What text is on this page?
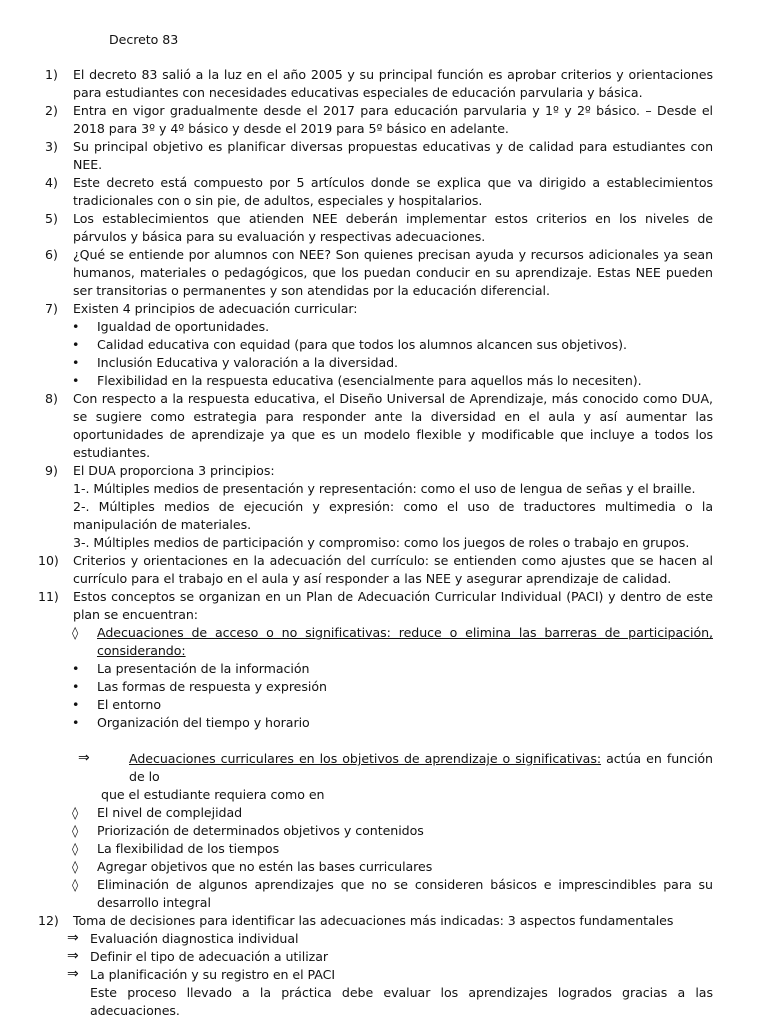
Decreto 83
1)	El decreto 83 salió a la luz en el año 2005 y su principal función es aprobar criterios y orientaciones para estudiantes con necesidades educativas especiales de educación parvularia y básica.
2)	Entra en vigor gradualmente desde el 2017 para educación parvularia y 1º y 2º básico. – Desde el 2018 para 3º y 4º básico y desde el 2019 para 5º básico en adelante.
3)	Su principal objetivo es planificar diversas propuestas educativas y de calidad para estudiantes con NEE.
4)	Este decreto está compuesto por 5 artículos donde se explica que va dirigido a establecimientos tradicionales con o sin pie, de adultos, especiales y hospitalarios.
5)	Los establecimientos que atienden NEE deberán implementar estos criterios en los niveles de párvulos y básica para su evaluación y respectivas adecuaciones.
6)	¿Qué se entiende por alumnos con NEE? Son quienes precisan ayuda y recursos adicionales ya sean humanos, materiales o pedagógicos, que los puedan conducir en su aprendizaje. Estas NEE pueden ser transitorias o permanentes y son atendidas por la educación diferencial.
7)	Existen 4 principios de adecuación curricular:
• Igualdad de oportunidades.
• Calidad educativa con equidad (para que todos los alumnos alcancen sus objetivos).
• Inclusión Educativa y valoración a la diversidad.
• Flexibilidad en la respuesta educativa (esencialmente para aquellos más lo necesiten).
8)	Con respecto a la respuesta educativa, el Diseño Universal de Aprendizaje, más conocido como DUA, se sugiere como estrategia para responder ante la diversidad en el aula y así aumentar las oportunidades de aprendizaje ya que es un modelo flexible y modificable que incluye a todos los estudiantes.
9)	El DUA proporciona 3 principios:
1-. Múltiples medios de presentación y representación: como el uso de lengua de señas y el braille.
2-. Múltiples medios de ejecución y expresión: como el uso de traductores multimedia o la manipulación de materiales.
3-. Múltiples medios de participación y compromiso: como los juegos de roles o trabajo en grupos.
10)	Criterios y orientaciones en la adecuación del currículo: se entienden como ajustes que se hacen al currículo para el trabajo en el aula y así responder a las NEE y asegurar aprendizaje de calidad.
11)	Estos conceptos se organizan en un Plan de Adecuación Curricular Individual (PACI) y dentro de este plan se encuentran:
◊ Adecuaciones de acceso o no significativas: reduce o elimina las barreras de participación, considerando:
• La presentación de la información
• Las formas de respuesta y expresión
• El entorno
• Organización del tiempo y horario
⇒	Adecuaciones curriculares en los objetivos de aprendizaje o significativas: actúa en función de lo
que el estudiante requiera como en
◊ El nivel de complejidad
◊ Priorización de determinados objetivos y contenidos
◊ La flexibilidad de los tiempos
◊ Agregar objetivos que no estén las bases curriculares
◊ Eliminación de algunos aprendizajes que no se consideren básicos e imprescindibles para su desarrollo integral
12)	Toma de decisiones para identificar las adecuaciones más indicadas: 3 aspectos fundamentales
⇒ Evaluación diagnostica individual
⇒ Definir el tipo de adecuación a utilizar
⇒ La planificación y su registro en el PACI
Este proceso llevado a la práctica debe evaluar los aprendizajes logrados gracias a las adecuaciones.
